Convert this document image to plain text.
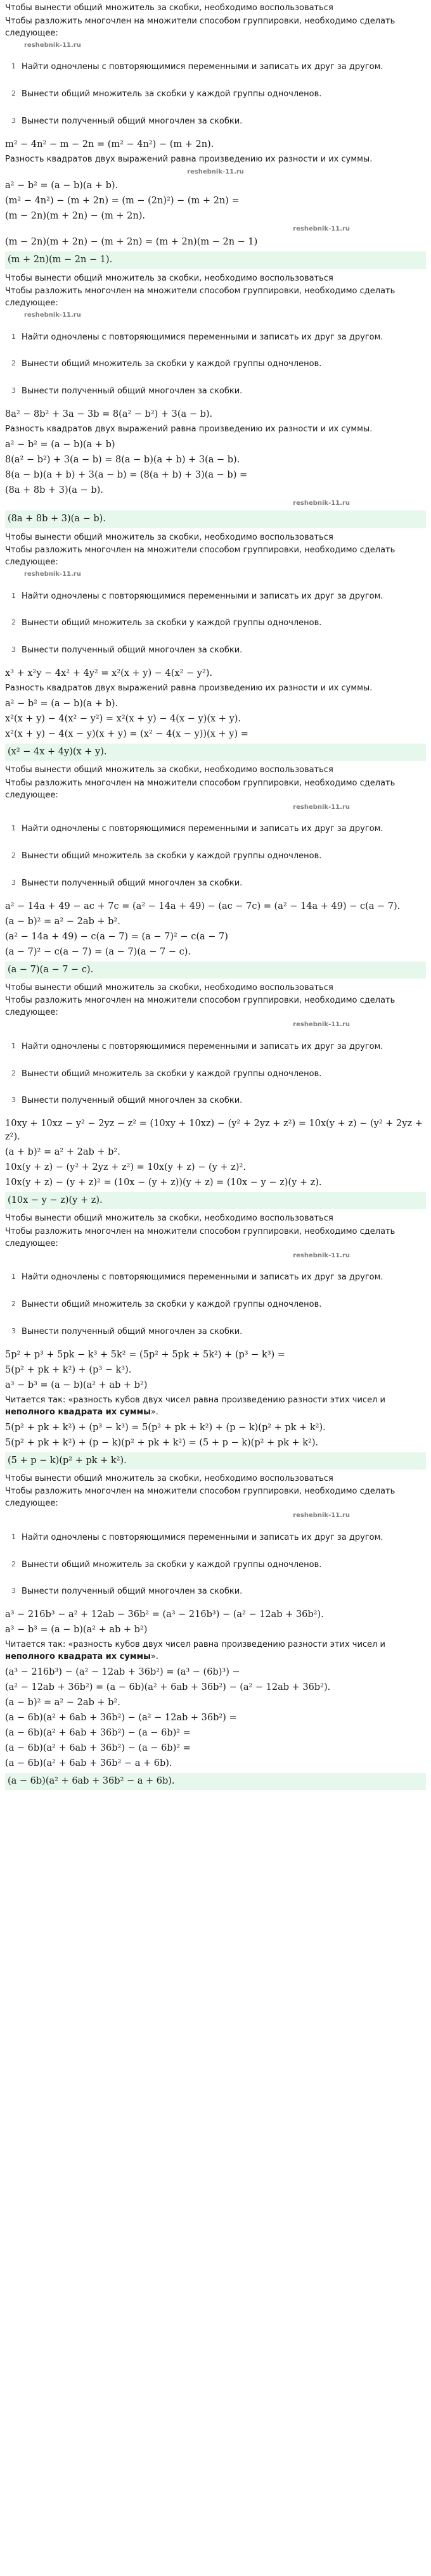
Чтобы вынести общий множитель за скобки, необходимо воспользоваться
Чтобы разложить многочлен на множители способом группировки, необходимо сделать следующее:
reshebnik-11.ru
1 Найти одночлены с повторяющимися переменными и записать их друг за другом.
2 Вынести общий множитель за скобки у каждой группы одночленов.
3 Вынести полученный общий многочлен за скобки.
m² − 4n² − m − 2n = (m² − 4n²) − (m + 2n).
Разность квадратов двух выражений равна произведению их разности и их суммы.
reshebnik-11.ru
a² − b² = (a − b)(a + b).
(m² − 4n²) − (m + 2n) = (m − (2n)²) − (m + 2n) =
(m − 2n)(m + 2n) − (m + 2n).
reshebnik-11.ru
(m − 2n)(m + 2n) − (m + 2n) = (m + 2n)(m − 2n − 1)
(m + 2n)(m − 2n − 1).
Чтобы вынести общий множитель за скобки, необходимо воспользоваться
Чтобы разложить многочлен на множители способом группировки, необходимо сделать следующее:
reshebnik-11.ru
1 Найти одночлены с повторяющимися переменными и записать их друг за другом.
2 Вынести общий множитель за скобки у каждой группы одночленов.
3 Вынести полученный общий многочлен за скобки.
8a² − 8b² + 3a − 3b = 8(a² − b²) + 3(a − b).
Разность квадратов двух выражений равна произведению их разности и их суммы.
a² − b² = (a − b)(a + b)
8(a² − b²) + 3(a − b) = 8(a − b)(a + b) + 3(a − b).
8(a − b)(a + b) + 3(a − b) = (8(a + b) + 3)(a − b) =
(8a + 8b + 3)(a − b).
reshebnik-11.ru
(8a + 8b + 3)(a − b).
Чтобы вынести общий множитель за скобки, необходимо воспользоваться
Чтобы разложить многочлен на множители способом группировки, необходимо сделать следующее:
reshebnik-11.ru
1 Найти одночлены с повторяющимися переменными и записать их друг за другом.
2 Вынести общий множитель за скобки у каждой группы одночленов.
3 Вынести полученный общий многочлен за скобки.
x³ + x²y − 4x² + 4y² = x²(x + y) − 4(x² − y²).
Разность квадратов двух выражений равна произведению их разности и их суммы.
a² − b² = (a − b)(a + b).
x²(x + y) − 4(x² − y²) = x²(x + y) − 4(x − y)(x + y).
x²(x + y) − 4(x − y)(x + y) = (x² − 4(x − y))(x + y) =
(x² − 4x + 4y)(x + y).
Чтобы вынести общий множитель за скобки, необходимо воспользоваться
Чтобы разложить многочлен на множители способом группировки, необходимо сделать следующее:
reshebnik-11.ru
1 Найти одночлены с повторяющимися переменными и записать их друг за другом.
2 Вынести общий множитель за скобки у каждой группы одночленов.
3 Вынести полученный общий многочлен за скобки.
a² − 14a + 49 − ac + 7c = (a² − 14a + 49) − (ac − 7c) = (a² − 14a + 49) − c(a − 7).
(a − b)² = a² − 2ab + b².
(a² − 14a + 49) − c(a − 7) = (a − 7)² − c(a − 7)
(a − 7)² − c(a − 7) = (a − 7)(a − 7 − c).
(a − 7)(a − 7 − c).
Чтобы вынести общий множитель за скобки, необходимо воспользоваться
Чтобы разложить многочлен на множители способом группировки, необходимо сделать следующее:
reshebnik-11.ru
1 Найти одночлены с повторяющимися переменными и записать их друг за другом.
2 Вынести общий множитель за скобки у каждой группы одночленов.
3 Вынести полученный общий многочлен за скобки.
10xy + 10xz − y² − 2yz − z² = (10xy + 10xz) − (y² + 2yz + z²) = 10x(y + z) − (y² + 2yz + z²).
(a + b)² = a² + 2ab + b².
10x(y + z) − (y² + 2yz + z²) = 10x(y + z) − (y + z)².
10x(y + z) − (y + z)² = (10x − (y + z))(y + z) = (10x − y − z)(y + z).
(10x − y − z)(y + z).
Чтобы вынести общий множитель за скобки, необходимо воспользоваться
Чтобы разложить многочлен на множители способом группировки, необходимо сделать следующее:
reshebnik-11.ru
1 Найти одночлены с повторяющимися переменными и записать их друг за другом.
2 Вынести общий множитель за скобки у каждой группы одночленов.
3 Вынести полученный общий многочлен за скобки.
5p² + p³ + 5pk − k³ + 5k² = (5p² + 5pk + 5k²) + (p³ − k³) =
5(p² + pk + k²) + (p³ − k³).
a³ − b³ = (a − b)(a² + ab + b²)
Читается так: «разность кубов двух чисел равна произведению разности этих чисел и неполного квадрата их суммы».
5(p² + pk + k²) + (p³ − k³) = 5(p² + pk + k²) + (p − k)(p² + pk + k²).
5(p² + pk + k²) + (p − k)(p² + pk + k²) = (5 + p − k)(p² + pk + k²).
(5 + p − k)(p² + pk + k²).
Чтобы вынести общий множитель за скобки, необходимо воспользоваться
Чтобы разложить многочлен на множители способом группировки, необходимо сделать следующее:
reshebnik-11.ru
1 Найти одночлены с повторяющимися переменными и записать их друг за другом.
2 Вынести общий множитель за скобки у каждой группы одночленов.
3 Вынести полученный общий многочлен за скобки.
a³ − 216b³ − a² + 12ab − 36b² = (a³ − 216b³) − (a² − 12ab + 36b²).
a³ − b³ = (a − b)(a² + ab + b²)
Читается так: «разность кубов двух чисел равна произведению разности этих чисел и неполного квадрата их суммы».
(a³ − 216b³) − (a² − 12ab + 36b²) = (a³ − (6b)³) −
(a² − 12ab + 36b²) = (a − 6b)(a² + 6ab + 36b²) − (a² − 12ab + 36b²).
(a − b)² = a² − 2ab + b².
(a − 6b)(a² + 6ab + 36b²) − (a² − 12ab + 36b²) =
(a − 6b)(a² + 6ab + 36b²) − (a − 6b)² =
(a − 6b)(a² + 6ab + 36b²) − (a − 6b)² =
(a − 6b)(a² + 6ab + 36b² − a + 6b).
(a − 6b)(a² + 6ab + 36b² − a + 6b).
